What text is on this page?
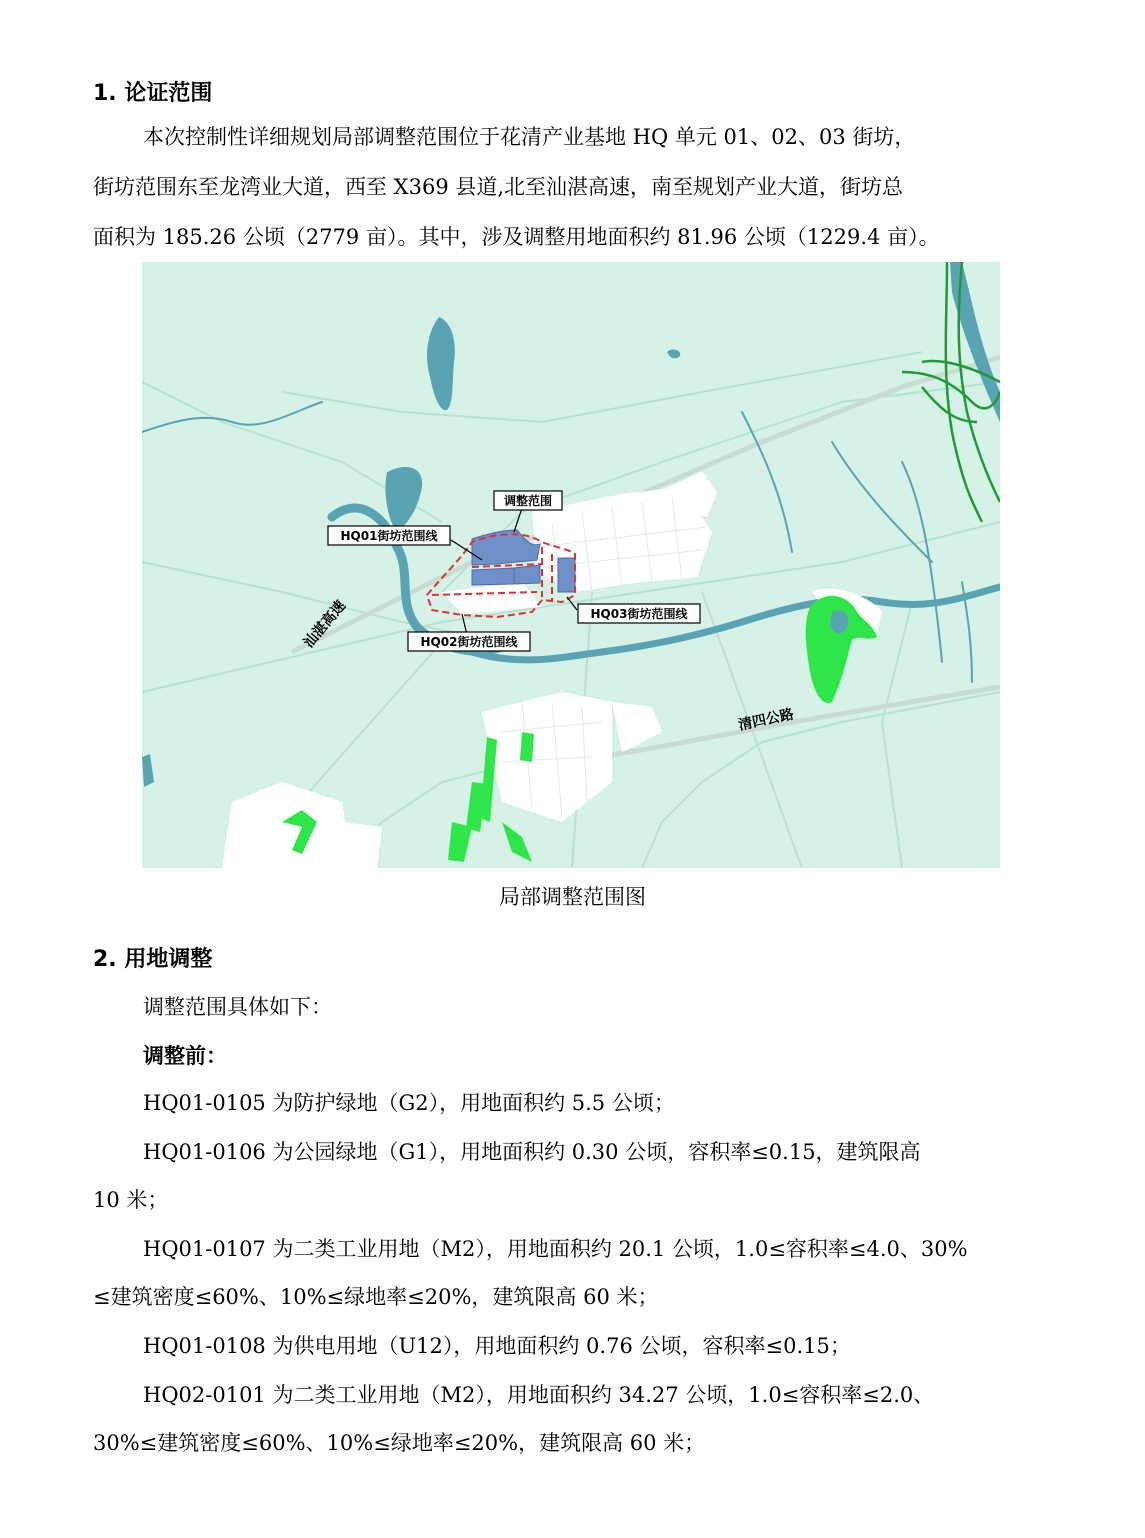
1. 论证范围
本次控制性详细规划局部调整范围位于花清产业基地 HQ 单元 01、02、03 街坊，
街坊范围东至龙湾业大道，西至 X369 县道,北至汕湛高速，南至规划产业大道，街坊总
面积为 185.26 公顷（2779 亩）。其中，涉及调整用地面积约 81.96 公顷（1229.4 亩）。
调整范围
HQ01街坊范围线
HQ03街坊范围线
HQ02街坊范围线
汕湛高速
清四公路
局部调整范围图
2. 用地调整
调整范围具体如下：
调整前：
HQ01-0105 为防护绿地（G2），用地面积约 5.5 公顷；
HQ01-0106 为公园绿地（G1），用地面积约 0.30 公顷，容积率≤0.15，建筑限高
10 米；
HQ01-0107 为二类工业用地（M2），用地面积约 20.1 公顷，1.0≤容积率≤4.0、30%
≤建筑密度≤60%、10%≤绿地率≤20%，建筑限高 60 米；
HQ01-0108 为供电用地（U12），用地面积约 0.76 公顷，容积率≤0.15；
HQ02-0101 为二类工业用地（M2），用地面积约 34.27 公顷，1.0≤容积率≤2.0、
30%≤建筑密度≤60%、10%≤绿地率≤20%，建筑限高 60 米；
